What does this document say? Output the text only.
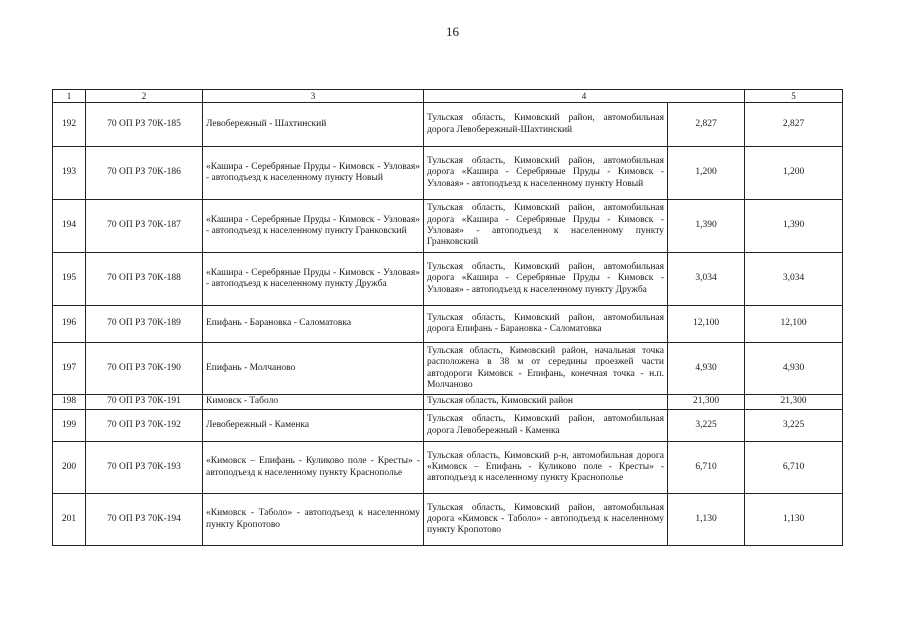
16
1	2	3	4		5
192	70 ОП РЗ 70К-185	Левобережный - Шахтинский	Тульская область, Кимовский район, автомобильная дорога Левобережный-Шахтинский	2,827	2,827
193	70 ОП РЗ 70К-186	«Кашира - Серебряные Пруды - Кимовск - Узловая» - автоподъезд к населенному пункту Новый	Тульская область, Кимовский район, автомобильная дорога «Кашира - Серебряные Пруды - Кимовск - Узловая» - автоподъезд к населенному пункту Новый	1,200	1,200
194	70 ОП РЗ 70К-187	«Кашира - Серебряные Пруды - Кимовск - Узловая» - автоподъезд к населенному пункту Гранковский	Тульская область, Кимовский район, автомобильная дорога «Кашира - Серебряные Пруды - Кимовск - Узловая» - автоподъезд к населенному пункту Гранковский	1,390	1,390
195	70 ОП РЗ 70К-188	«Кашира - Серебряные Пруды - Кимовск - Узловая» - автоподъезд к населенному пункту Дружба	Тульская область, Кимовский район, автомобильная дорога «Кашира - Серебряные Пруды - Кимовск - Узловая» - автоподъезд к населенному пункту Дружба	3,034	3,034
196	70 ОП РЗ 70К-189	Епифань - Барановка - Саломатовка	Тульская область, Кимовский район, автомобильная дорога Епифань - Барановка - Саломатовка	12,100	12,100
197	70 ОП РЗ 70К-190	Епифань - Молчаново	Тульская область, Кимовский район, начальная точка расположена в 38 м от середины проезжей части автодороги Кимовск - Епифань, конечная точка - н.п. Молчаново	4,930	4,930
198	70 ОП РЗ 70К-191	Кимовск - Таболо	Тульская область, Кимовский район	21,300	21,300
199	70 ОП РЗ 70К-192	Левобережный - Каменка	Тульская область, Кимовский район, автомобильная дорога Левобережный - Каменка	3,225	3,225
200	70 ОП РЗ 70К-193	«Кимовск – Епифань - Куликово поле - Кресты» - автоподъезд к населенному пункту Краснополье	Тульская область, Кимовский р-н, автомобильная дорога «Кимовск – Епифань - Куликово поле - Кресты» - автоподъезд к населенному пункту Краснополье	6,710	6,710
201	70 ОП РЗ 70К-194	«Кимовск - Таболо» - автоподъезд к населенному пункту Кропотово	Тульская область, Кимовский район, автомобильная дорога «Кимовск - Таболо» - автоподъезд к населенному пункту Кропотово	1,130	1,130
